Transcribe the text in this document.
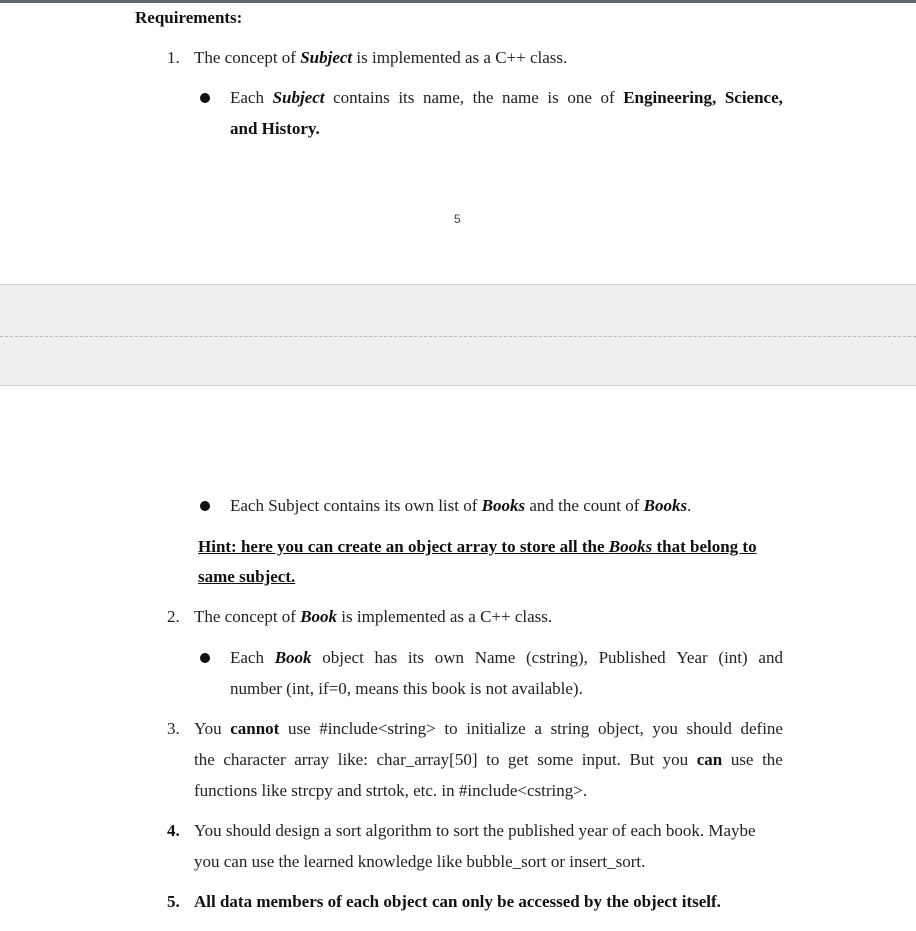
Requirements:
1. The concept of Subject is implemented as a C++ class.
Each Subject contains its name, the name is one of Engineering, Science,
and History.
5
Each Subject contains its own list of Books and the count of Books.
Hint: here you can create an object array to store all the Books that belong to
same subject.
2. The concept of Book is implemented as a C++ class.
Each Book object has its own Name (cstring), Published Year (int) and
number (int, if=0, means this book is not available).
3. You cannot use #include<string> to initialize a string object, you should define
the character array like: char_array[50] to get some input. But you can use the
functions like strcpy and strtok, etc. in #include<cstring>.
4. You should design a sort algorithm to sort the published year of each book. Maybe
you can use the learned knowledge like bubble_sort or insert_sort.
5. All data members of each object can only be accessed by the object itself.
